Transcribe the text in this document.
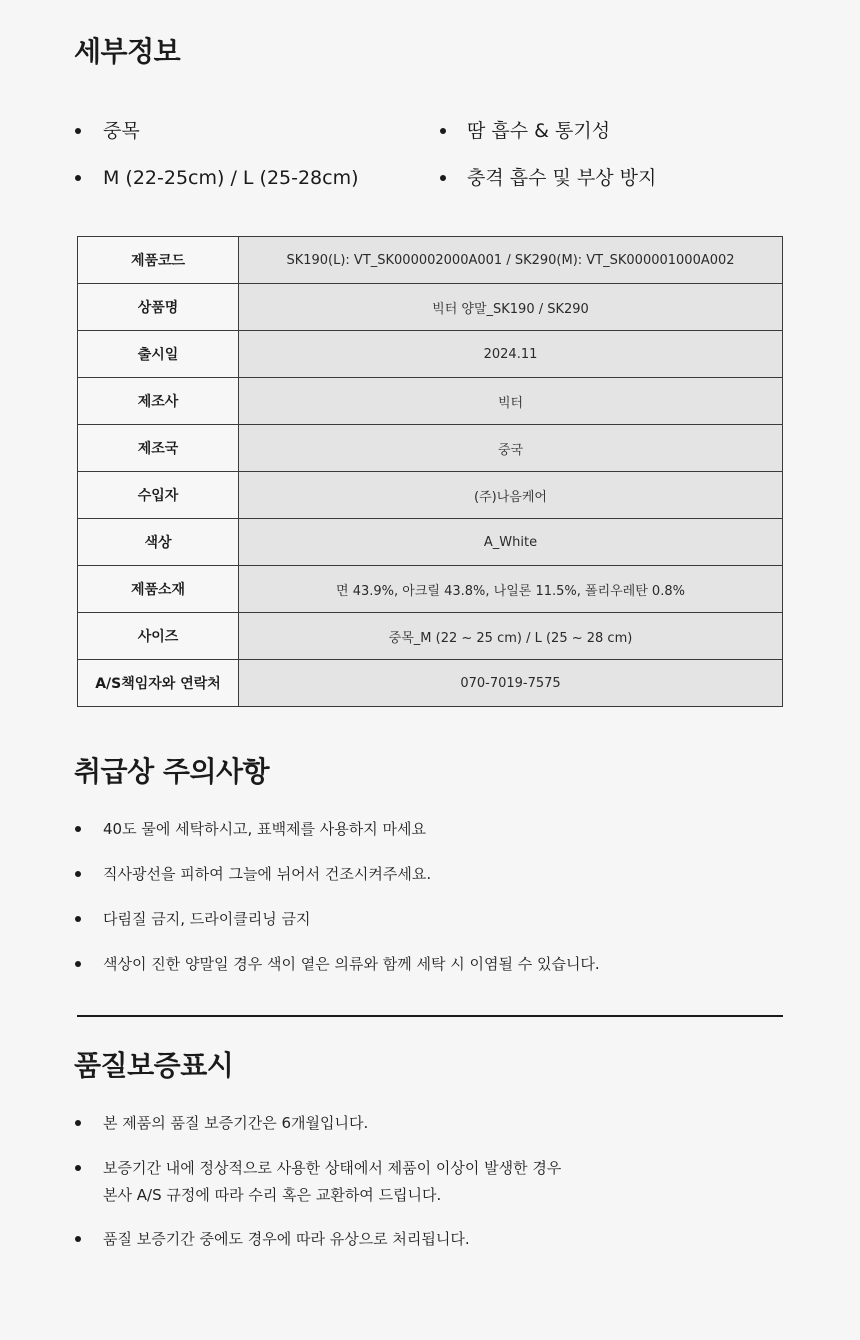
세부정보
중목	땀 흡수 & 통기성
M (22-25cm) / L (25-28cm)	충격 흡수 및 부상 방지
제품코드	SK190(L): VT_SK000002000A001 / SK290(M): VT_SK000001000A002
상품명	빅터 양말_SK190 / SK290
출시일	2024.11
제조사	빅터
제조국	중국
수입자	(주)나음케어
색상	A_White
제품소재	면 43.9%, 아크릴 43.8%, 나일론 11.5%, 폴리우레탄 0.8%
사이즈	중목_M (22 ~ 25 cm) / L (25 ~ 28 cm)
A/S책임자와 연락처	070-7019-7575
취급상 주의사항
40도 물에 세탁하시고, 표백제를 사용하지 마세요
직사광선을 피하여 그늘에 뉘어서 건조시켜주세요.
다림질 금지, 드라이클리닝 금지
색상이 진한 양말일 경우 색이 옅은 의류와 함께 세탁 시 이염될 수 있습니다.
품질보증표시
본 제품의 품질 보증기간은 6개월입니다.
보증기간 내에 정상적으로 사용한 상태에서 제품이 이상이 발생한 경우
본사 A/S 규정에 따라 수리 혹은 교환하여 드립니다.
품질 보증기간 중에도 경우에 따라 유상으로 처리됩니다.
